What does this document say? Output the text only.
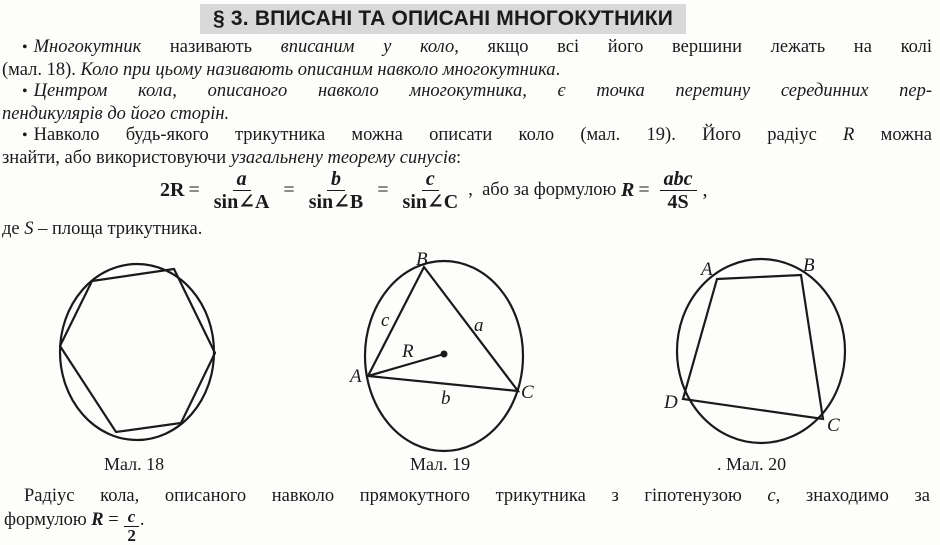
§ 3. ВПИСАНІ ТА ОПИСАНІ МНОГОКУТНИКИ
• Многокутник називають вписаним у коло, якщо всі його вершини лежать на колі
(мал. 18). Коло при цьому називають описаним навколо многокутника.
• Центром кола, описаного навколо многокутника, є точка перетину серединних пер-
пендикулярів до його сторін.
• Навколо будь-якого трикутника можна описати коло (мал. 19). Його радіус R можна
знайти, або використовуючи узагальнену теорему синусів:
$2R = \frac{a}{\sin\angle A} = \frac{b}{\sin\angle B} = \frac{c}{\sin\angle C}$ ,  або за формулою $R = \frac{\text{abc}}{4S}$ ,
де S – площа трикутника.
Мал. 18
B
A
C
a
b
c
R
Мал. 19
A	B
C
D
. Мал. 20
Радіус кола, описаного навколо прямокутного трикутника з гіпотенузою c, знаходимо за
формулою $R = \frac{c}{2}$ .
